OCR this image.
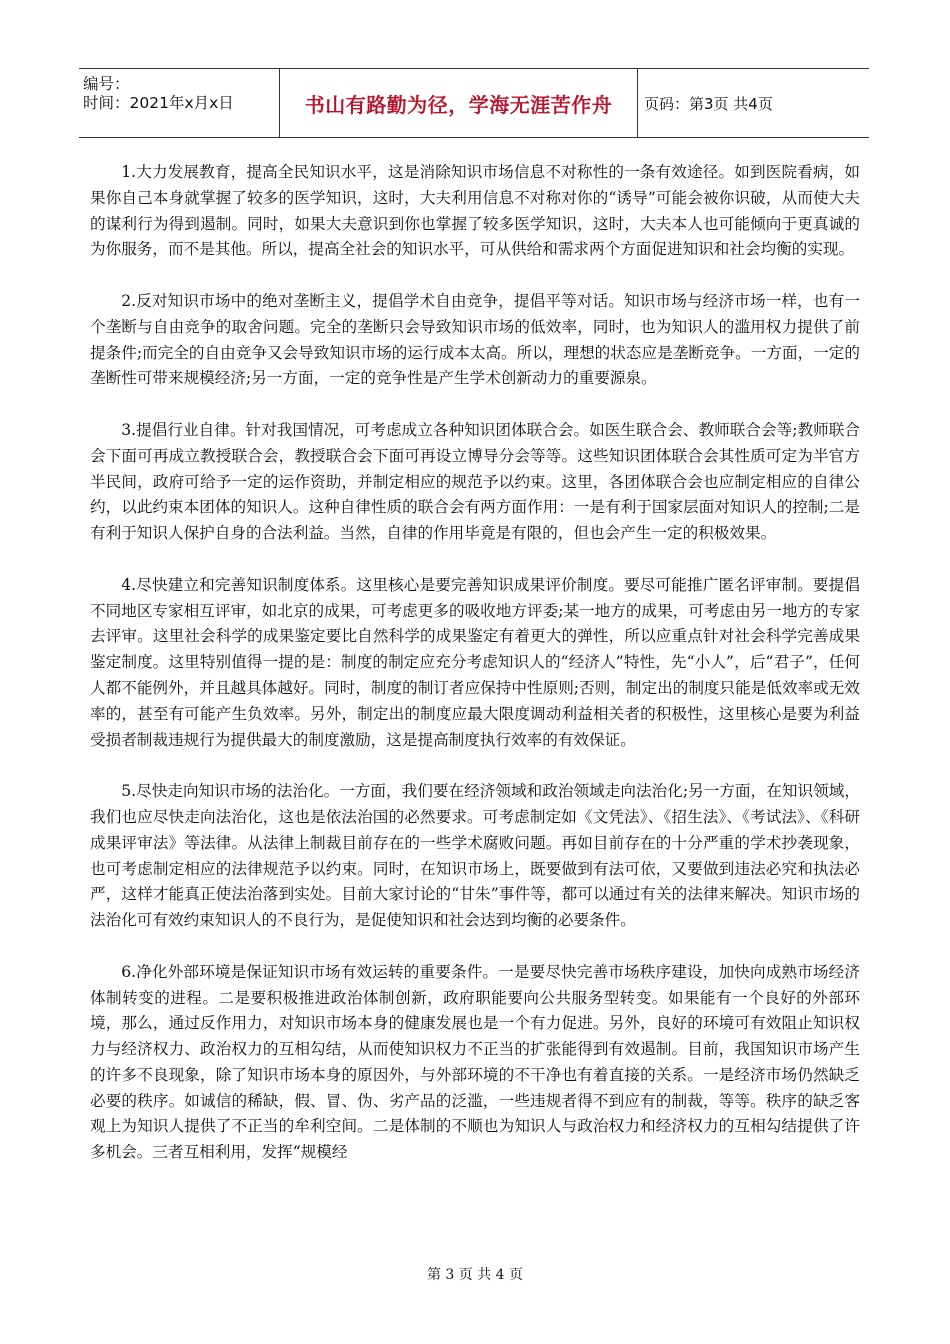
编号：
时间：2021年x月x日	书山有路勤为径，学海无涯苦作舟	页码：第3页 共4页

1.大力发展教育，提高全民知识水平，这是消除知识市场信息不对称性的一条有效途径。如到医院看病，如果你自己本身就掌握了较多的医学知识，这时，大夫利用信息不对称对你的“诱导”可能会被你识破，从而使大夫的谋利行为得到遏制。同时，如果大夫意识到你也掌握了较多医学知识，这时，大夫本人也可能倾向于更真诚的为你服务，而不是其他。所以，提高全社会的知识水平，可从供给和需求两个方面促进知识和社会均衡的实现。

2.反对知识市场中的绝对垄断主义，提倡学术自由竞争，提倡平等对话。知识市场与经济市场一样，也有一个垄断与自由竞争的取舍问题。完全的垄断只会导致知识市场的低效率，同时，也为知识人的滥用权力提供了前提条件;而完全的自由竞争又会导致知识市场的运行成本太高。所以，理想的状态应是垄断竞争。一方面，一定的垄断性可带来规模经济;另一方面，一定的竞争性是产生学术创新动力的重要源泉。

3.提倡行业自律。针对我国情况，可考虑成立各种知识团体联合会。如医生联合会、教师联合会等;教师联合会下面可再成立教授联合会，教授联合会下面可再设立博导分会等等。这些知识团体联合会其性质可定为半官方半民间，政府可给予一定的运作资助，并制定相应的规范予以约束。这里，各团体联合会也应制定相应的自律公约，以此约束本团体的知识人。这种自律性质的联合会有两方面作用：一是有利于国家层面对知识人的控制;二是有利于知识人保护自身的合法利益。当然，自律的作用毕竟是有限的，但也会产生一定的积极效果。

4.尽快建立和完善知识制度体系。这里核心是要完善知识成果评价制度。要尽可能推广匿名评审制。要提倡不同地区专家相互评审，如北京的成果，可考虑更多的吸收地方评委;某一地方的成果，可考虑由另一地方的专家去评审。这里社会科学的成果鉴定要比自然科学的成果鉴定有着更大的弹性，所以应重点针对社会科学完善成果鉴定制度。这里特别值得一提的是：制度的制定应充分考虑知识人的“经济人”特性，先“小人”，后“君子”，任何人都不能例外，并且越具体越好。同时，制度的制订者应保持中性原则;否则，制定出的制度只能是低效率或无效率的，甚至有可能产生负效率。另外，制定出的制度应最大限度调动利益相关者的积极性，这里核心是要为利益受损者制裁违规行为提供最大的制度激励，这是提高制度执行效率的有效保证。

5.尽快走向知识市场的法治化。一方面，我们要在经济领域和政治领域走向法治化;另一方面，在知识领域，我们也应尽快走向法治化，这也是依法治国的必然要求。可考虑制定如《文凭法》、《招生法》、《考试法》、《科研成果评审法》等法律。从法律上制裁目前存在的一些学术腐败问题。再如目前存在的十分严重的学术抄袭现象，也可考虑制定相应的法律规范予以约束。同时，在知识市场上，既要做到有法可依，又要做到违法必究和执法必严，这样才能真正使法治落到实处。目前大家讨论的“甘朱”事件等，都可以通过有关的法律来解决。知识市场的法治化可有效约束知识人的不良行为，是促使知识和社会达到均衡的必要条件。

6.净化外部环境是保证知识市场有效运转的重要条件。一是要尽快完善市场秩序建设，加快向成熟市场经济体制转变的进程。二是要积极推进政治体制创新，政府职能要向公共服务型转变。如果能有一个良好的外部环境，那么，通过反作用力，对知识市场本身的健康发展也是一个有力促进。另外，良好的环境可有效阻止知识权力与经济权力、政治权力的互相勾结，从而使知识权力不正当的扩张能得到有效遏制。目前，我国知识市场产生的许多不良现象，除了知识市场本身的原因外，与外部环境的不干净也有着直接的关系。一是经济市场仍然缺乏必要的秩序。如诚信的稀缺，假、冒、伪、劣产品的泛滥，一些违规者得不到应有的制裁，等等。秩序的缺乏客观上为知识人提供了不正当的牟利空间。二是体制的不顺也为知识人与政治权力和经济权力的互相勾结提供了许多机会。三者互相利用，发挥“规模经

第 3 页 共 4 页
